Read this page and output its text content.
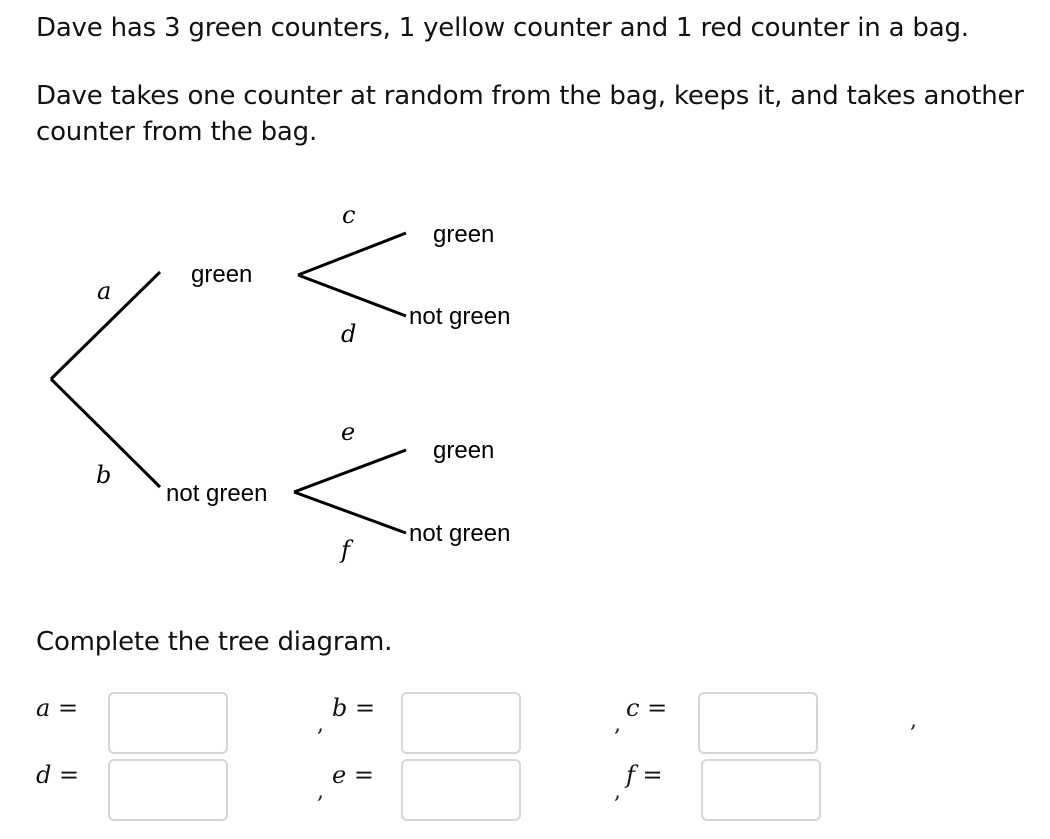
Dave has 3 green counters, 1 yellow counter and 1 red counter in a bag.

Dave takes one counter at random from the bag, keeps it, and takes another counter from the bag.

a
b
c
d
e
f
green
not green
green
not green
green
not green

Complete the tree diagram.

a =
,
b =
,
c =	,
d =
,
e =
,
f =
